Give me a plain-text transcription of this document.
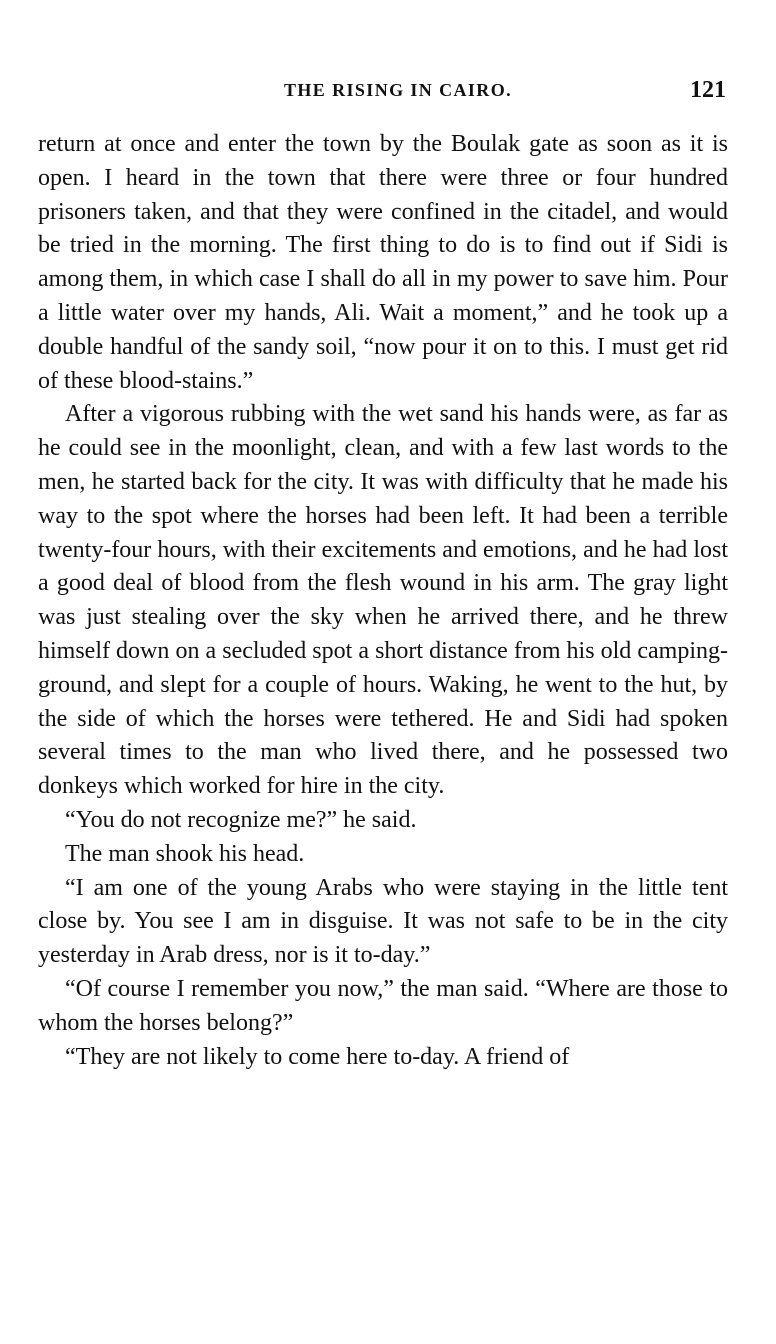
THE RISING IN CAIRO.	121

return at once and enter the town by the Boulak gate as soon as it is open. I heard in the town that there were three or four hundred prisoners taken, and that they were confined in the citadel, and would be tried in the morning. The first thing to do is to find out if Sidi is among them, in which case I shall do all in my power to save him. Pour a little water over my hands, Ali. Wait a moment,” and he took up a double handful of the sandy soil, “now pour it on to this. I must get rid of these blood-stains.”

After a vigorous rubbing with the wet sand his hands were, as far as he could see in the moonlight, clean, and with a few last words to the men, he started back for the city. It was with difficulty that he made his way to the spot where the horses had been left. It had been a terrible twenty-four hours, with their excitements and emotions, and he had lost a good deal of blood from the flesh wound in his arm. The gray light was just stealing over the sky when he arrived there, and he threw himself down on a secluded spot a short distance from his old camping-ground, and slept for a couple of hours. Waking, he went to the hut, by the side of which the horses were tethered. He and Sidi had spoken several times to the man who lived there, and he possessed two donkeys which worked for hire in the city.

“You do not recognize me?” he said.

The man shook his head.

“I am one of the young Arabs who were staying in the little tent close by. You see I am in disguise. It was not safe to be in the city yesterday in Arab dress, nor is it to-day.”

“Of course I remember you now,” the man said. “Where are those to whom the horses belong?”

“They are not likely to come here to-day. A friend of
